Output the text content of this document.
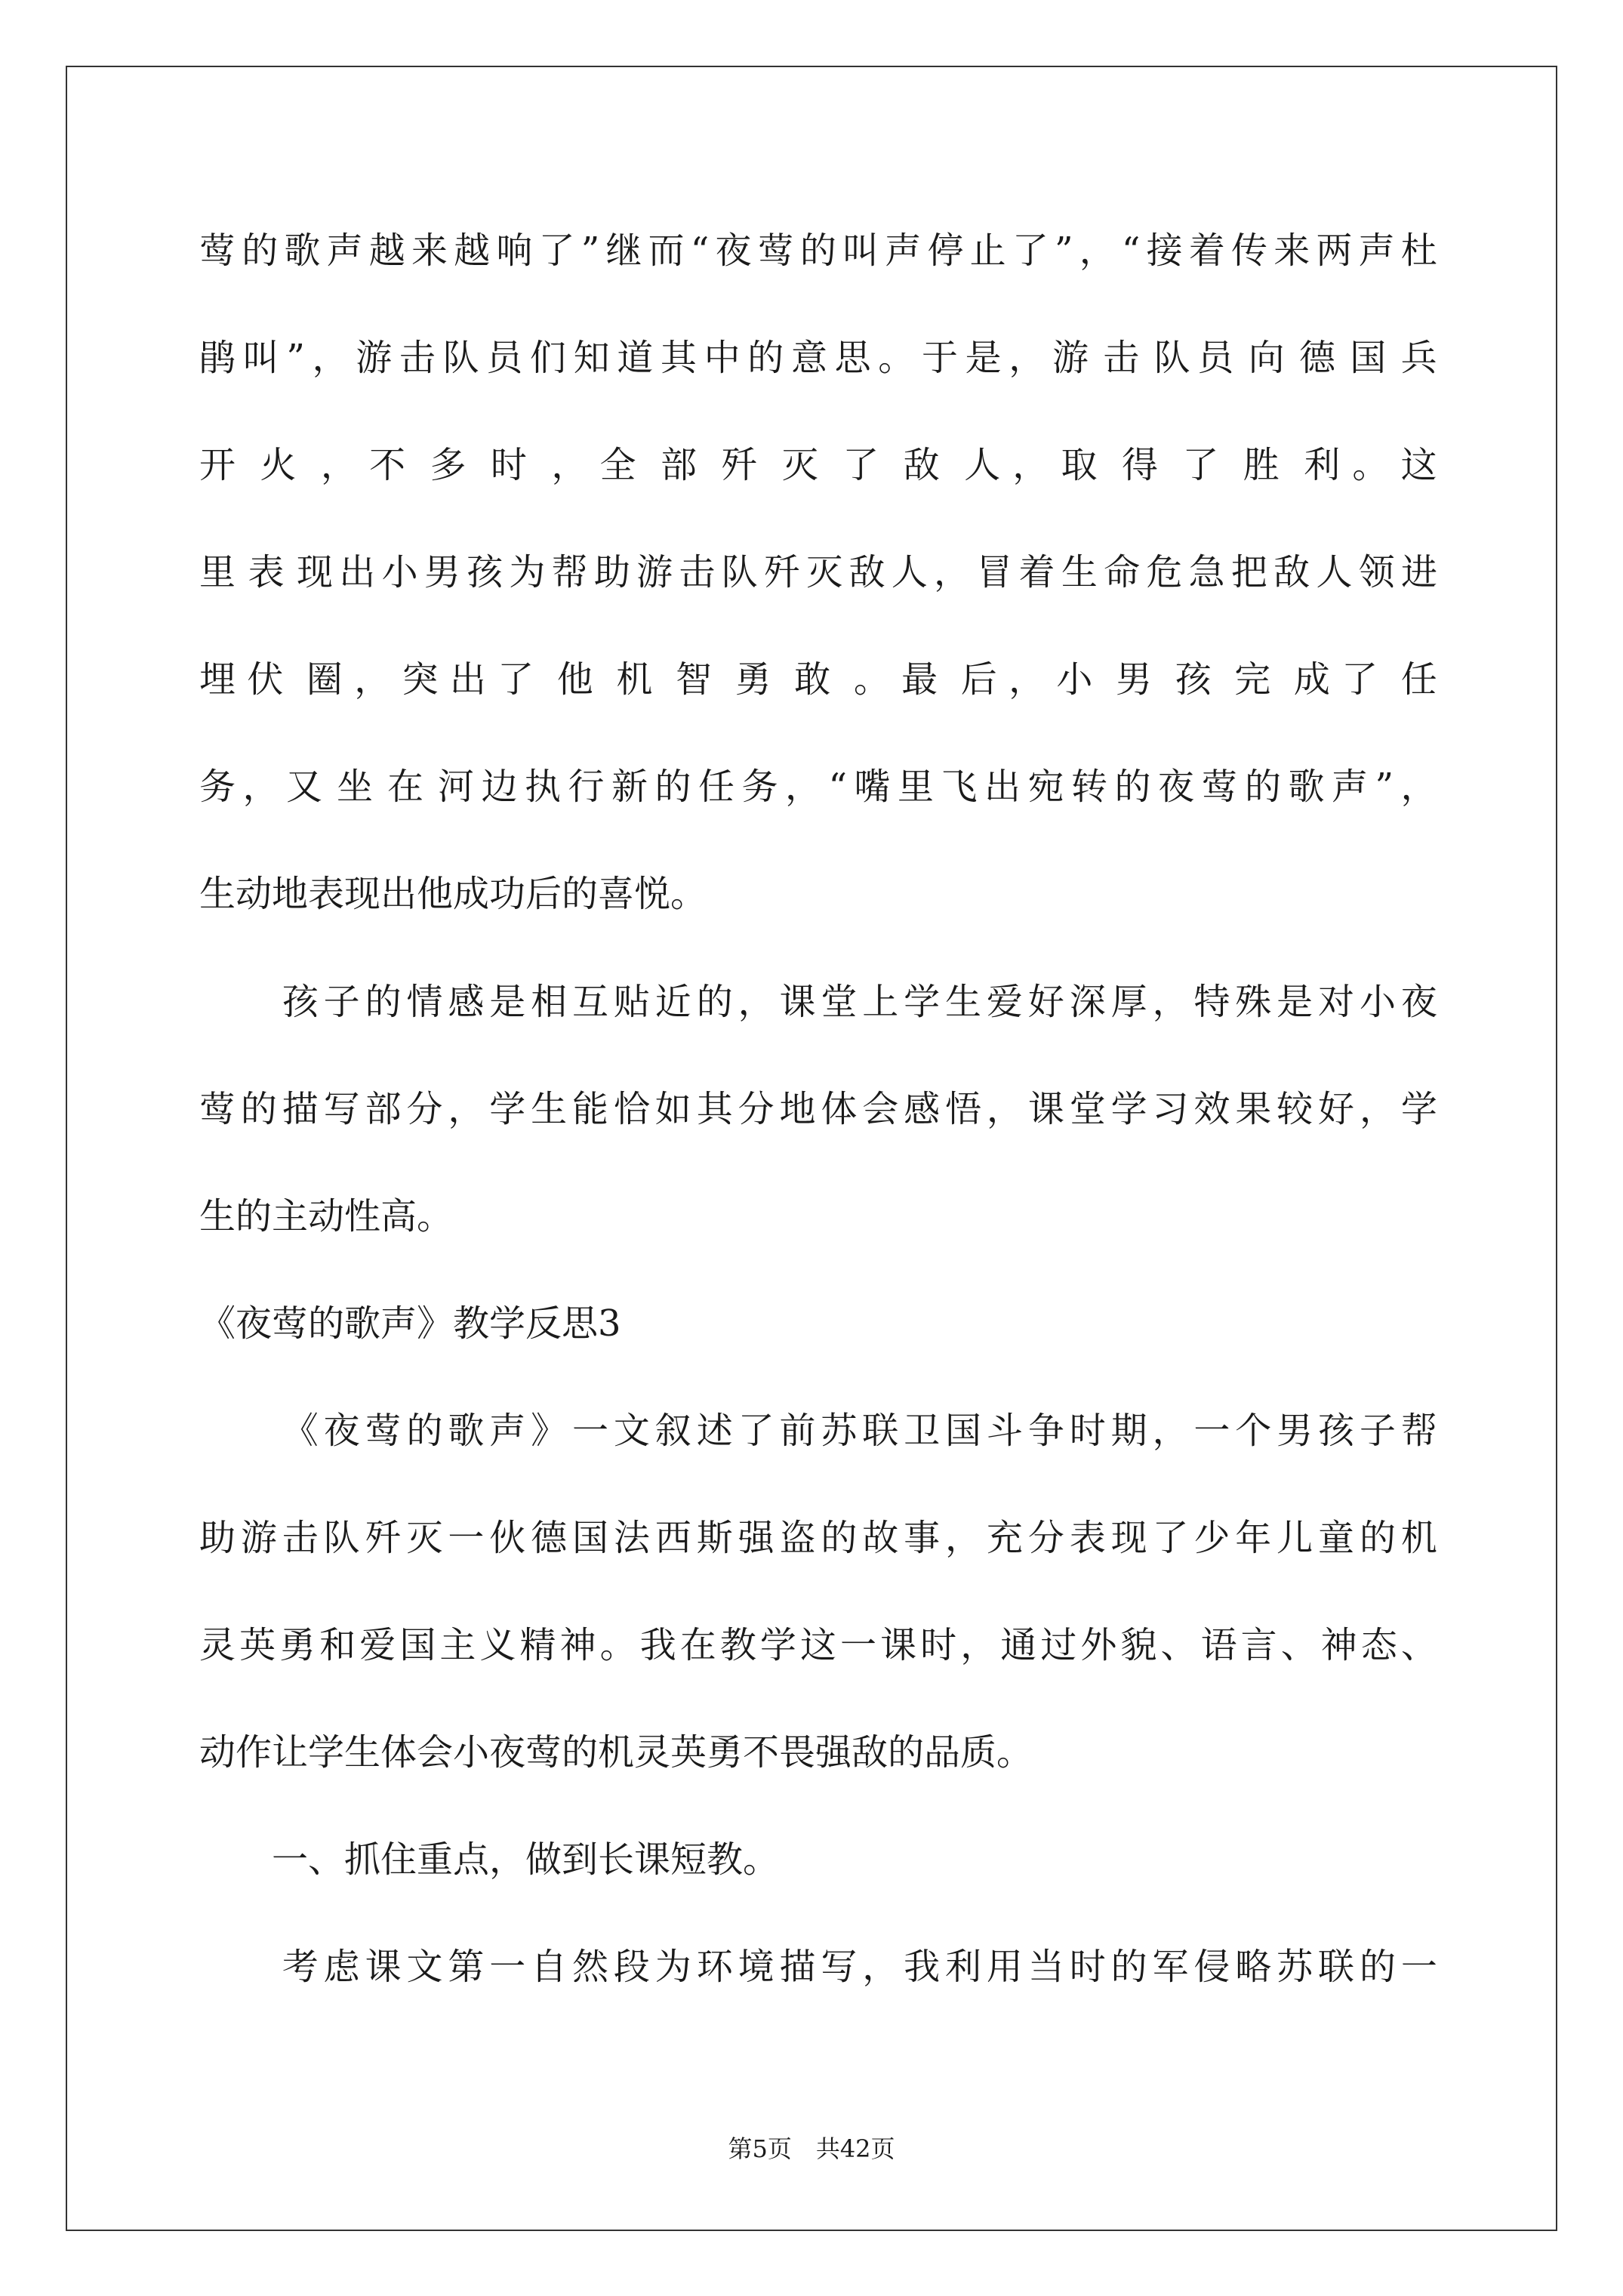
莺 的 歌 声 越 来 越 响 了 ” 继 而 “ 夜 莺 的 叫 声 停 止 了 ” ， “ 接 着 传 来 两 声 杜
鹃 叫 ” ， 游 击 队 员 们 知 道 其 中 的 意 思 。 于 是 ， 游 击 队 员 向 德 国 兵
开 火 ， 不 多 时 ， 全 部 歼 灭 了 敌 人 ， 取 得 了 胜 利 。 这
里 表 现 出 小 男 孩 为 帮 助 游 击 队 歼 灭 敌 人 ， 冒 着 生 命 危 急 把 敌 人 领 进
埋 伏 圈 ， 突 出 了 他 机 智 勇 敢 。 最 后 ， 小 男 孩 完 成 了 任
务 ， 又 坐 在 河 边 执 行 新 的 任 务 ， “ 嘴 里 飞 出 宛 转 的 夜 莺 的 歌 声 ” ，
生动地表现出他成功后的喜悦。

孩 子 的 情 感 是 相 互 贴 近 的 ， 课 堂 上 学 生 爱 好 深 厚 ， 特 殊 是 对 小 夜
莺 的 描 写 部 分 ， 学 生 能 恰 如 其 分 地 体 会 感 悟 ， 课 堂 学 习 效 果 较 好 ， 学
生的主动性高。
《夜莺的歌声》教学反思3

《 夜 莺 的 歌 声 》 一 文 叙 述 了 前 苏 联 卫 国 斗 争 时 期 ， 一 个 男 孩 子 帮
助 游 击 队 歼 灭 一 伙 德 国 法 西 斯 强 盗 的 故 事 ， 充 分 表 现 了 少 年 儿 童 的 机
灵 英 勇 和 爱 国 主 义 精 神 。 我 在 教 学 这 一 课 时 ， 通 过 外 貌 、 语 言 、 神 态 、
动作让学生体会小夜莺的机灵英勇不畏强敌的品质。
　　一、抓住重点，做到长课短教。

考 虑 课 文 第 一 自 然 段 为 环 境 描 写 ， 我 利 用 当 时 的 军 侵 略 苏 联 的 一
第5页　共42页
